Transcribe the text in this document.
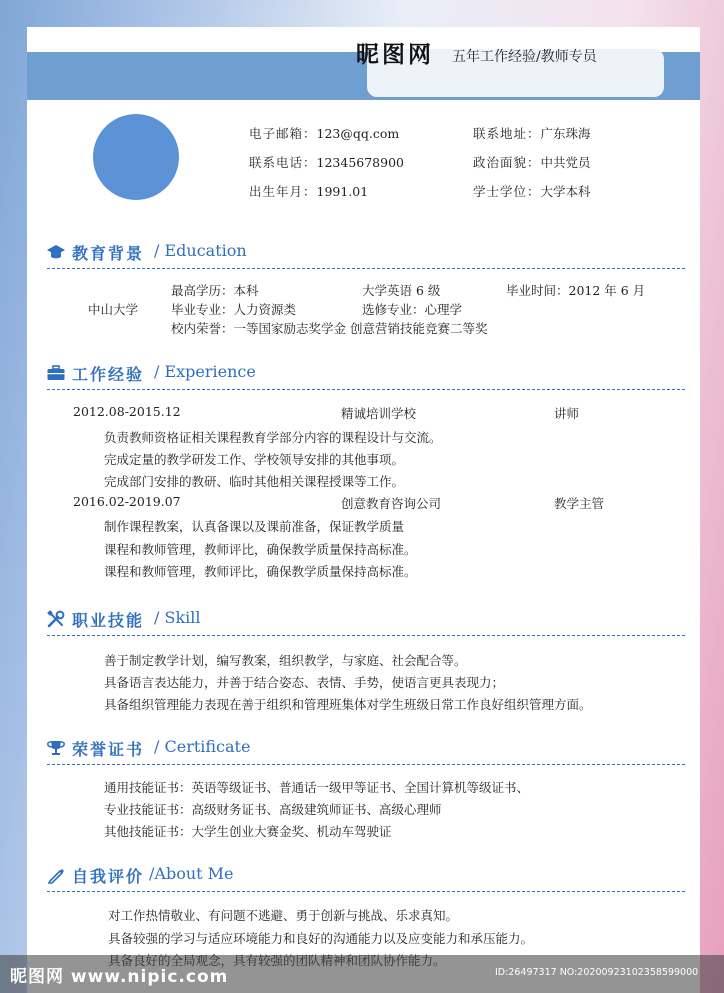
昵图网 五年工作经验/教师专员
电子邮箱：123@qq.com
联系电话：12345678900
出生年月：1991.01
联系地址：广东珠海
政治面貌：中共党员
学士学位：大学本科
教育背景 / Education
中山大学
最高学历：本科	大学英语 6 级	毕业时间：2012 年 6 月
毕业专业：人力资源类	选修专业：心理学
校内荣誉：一等国家励志奖学金 创意营销技能竞赛二等奖
工作经验 / Experience
2012.08-2015.12	精诚培训学校	讲师
负责教师资格证相关课程教育学部分内容的课程设计与交流。
完成定量的教学研发工作、学校领导安排的其他事项。
完成部门安排的教研、临时其他相关课程授课等工作。
2016.02-2019.07	创意教育咨询公司	教学主管
制作课程教案，认真备课以及课前准备，保证教学质量
课程和教师管理，教师评比，确保教学质量保持高标准。
课程和教师管理，教师评比，确保教学质量保持高标准。
职业技能 / Skill
善于制定教学计划，编写教案，组织教学，与家庭、社会配合等。
具备语言表达能力，并善于结合姿态、表情、手势，使语言更具表现力；
具备组织管理能力表现在善于组织和管理班集体对学生班级日常工作良好组织管理方面。
荣誉证书 / Certificate
通用技能证书：英语等级证书、普通话一级甲等证书、全国计算机等级证书、
专业技能证书：高级财务证书、高级建筑师证书、高级心理师
其他技能证书：大学生创业大赛金奖、机动车驾驶证
自我评价 /About Me
对工作热情敬业、有问题不逃避、勇于创新与挑战、乐求真知。
具备较强的学习与适应环境能力和良好的沟通能力以及应变能力和承压能力。
昵图网 www.nipic.com	ID:26497317 NO:20200923102358599000
